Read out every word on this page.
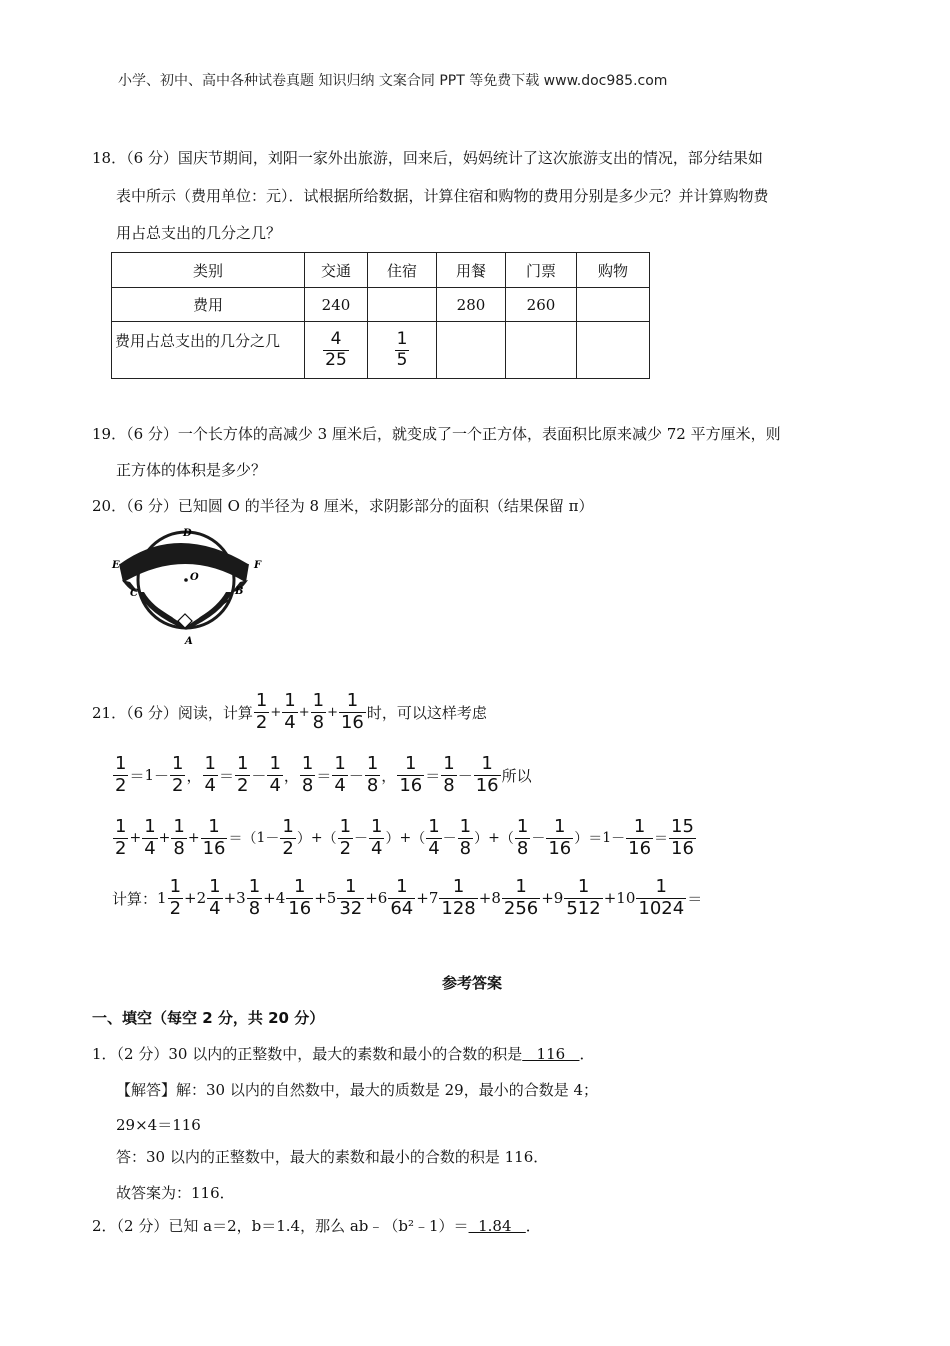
小学、初中、高中各种试卷真题 知识归纳 文案合同 PPT 等免费下载 www.doc985.com
18．（6 分）国庆节期间，刘阳一家外出旅游，回来后，妈妈统计了这次旅游支出的情况，部分结果如
表中所示（费用单位：元）．试根据所给数据，计算住宿和购物的费用分别是多少元？并计算购物费
用占总支出的几分之几？
类别	交通	住宿	用餐	门票	购物
费用	240		280	260	
费用占总支出的几分之几	$\frac{4}{25}$	$\frac{1}{5}$

19．（6 分）一个长方体的高减少 3 厘米后，就变成了一个正方体，表面积比原来减少 72 平方厘米，则
正方体的体积是多少？
20．（6 分）已知圆 O 的半径为 8 厘米，求阴影部分的面积（结果保留 π）
D
E	F
O
C	B
A
21．（6 分）阅读，计算 $\frac{1}{2} + \frac{1}{4} + \frac{1}{8} + \frac{1}{16}$ 时，可以这样考虑
$\frac{1}{2} = 1 - \frac{1}{2}$ ， $\frac{1}{4} = \frac{1}{2} - \frac{1}{4}$ ， $\frac{1}{8} = \frac{1}{4} - \frac{1}{8}$ ， $\frac{1}{16} = \frac{1}{8} - \frac{1}{16}$ 所以
$\frac{1}{2} + \frac{1}{4} + \frac{1}{8} + \frac{1}{16}$ ＝ （ $1 - \frac{1}{2}$ ） + （ $\frac{1}{2} - \frac{1}{4}$ ） + （ $\frac{1}{4} - \frac{1}{8}$ ） + （ $\frac{1}{8} - \frac{1}{16}$ ） ＝ $1 - \frac{1}{16} = \frac{15}{16}$
计算： $1 \frac{1}{2} +2 \frac{1}{4} +3 \frac{1}{8} +4 \frac{1}{16} +5 \frac{1}{32} +6 \frac{1}{64} +7 \frac{1}{128} +8 \frac{1}{256} +9 \frac{1}{512} +10 \frac{1}{1024}$ ＝
参考答案
一、填空（每空 2 分，共 20 分）
1．（2 分）30 以内的正整数中，最大的素数和最小的合数的积是   116   ．
【解答】解：30 以内的自然数中，最大的质数是 29，最小的合数是 4；
29×4＝116
答：30 以内的正整数中，最大的素数和最小的合数的积是 116．
故答案为：116．
2．（2 分）已知 a＝2，b＝1.4，那么 ab﹣（b²﹣1）＝  1.84   ．
